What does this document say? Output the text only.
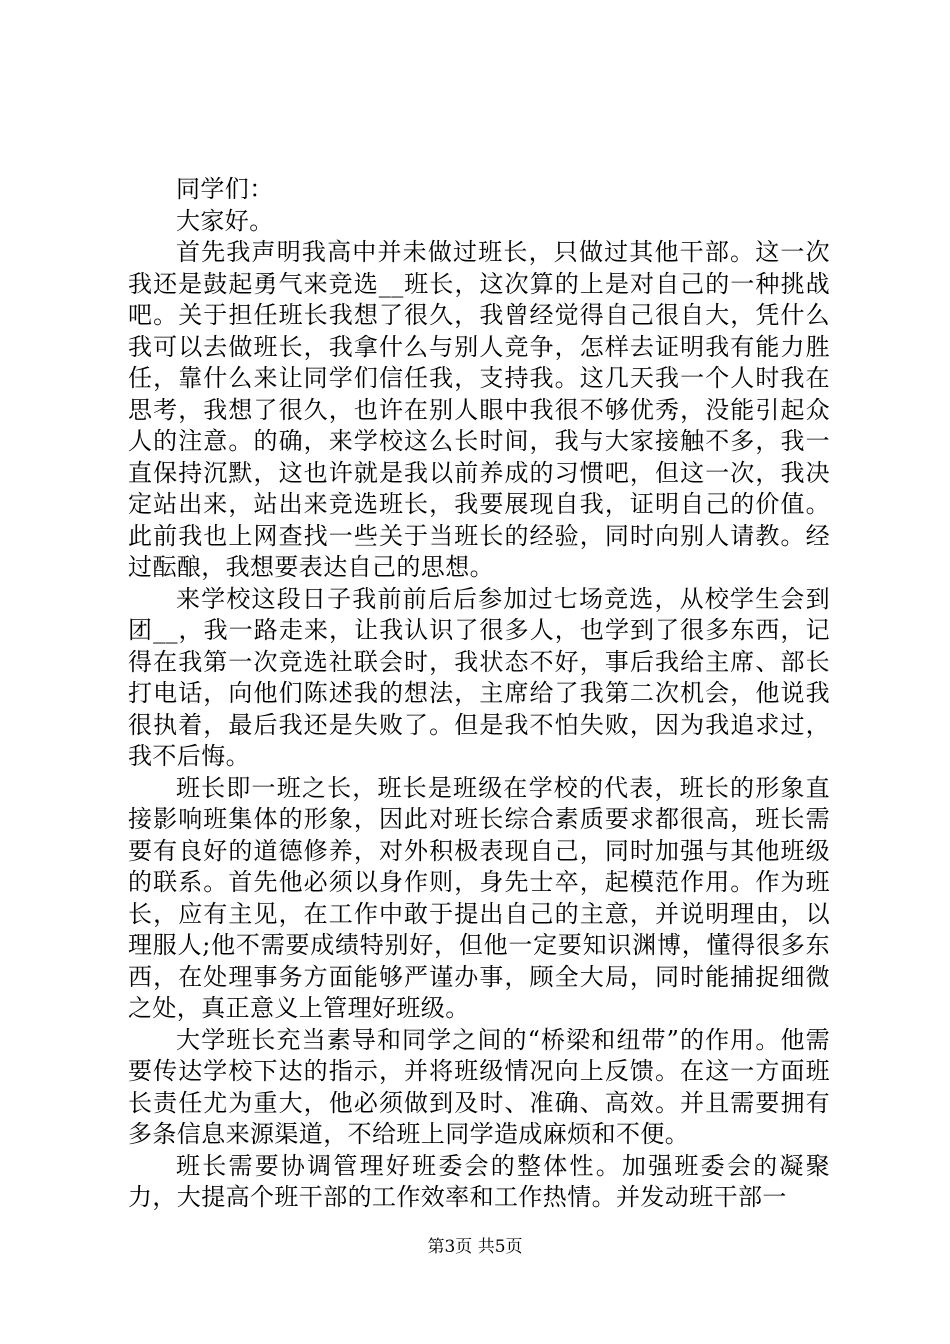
同学们：

大家好。

首先我声明我高中并未做过班长，只做过其他干部。这一次我还是鼓起勇气来竞选__班长，这次算的上是对自己的一种挑战吧。关于担任班长我想了很久，我曾经觉得自己很自大，凭什么我可以去做班长，我拿什么与别人竞争，怎样去证明我有能力胜任，靠什么来让同学们信任我，支持我。这几天我一个人时我在思考，我想了很久，也许在别人眼中我很不够优秀，没能引起众人的注意。的确，来学校这么长时间，我与大家接触不多，我一直保持沉默，这也许就是我以前养成的习惯吧，但这一次，我决定站出来，站出来竞选班长，我要展现自我，证明自己的价值。此前我也上网查找一些关于当班长的经验，同时向别人请教。经过酝酿，我想要表达自己的思想。

来学校这段日子我前前后后参加过七场竞选，从校学生会到团__，我一路走来，让我认识了很多人，也学到了很多东西，记得在我第一次竞选社联会时，我状态不好，事后我给主席、部长打电话，向他们陈述我的想法，主席给了我第二次机会，他说我很执着，最后我还是失败了。但是我不怕失败，因为我追求过，我不后悔。

班长即一班之长，班长是班级在学校的代表，班长的形象直接影响班集体的形象，因此对班长综合素质要求都很高，班长需要有良好的道德修养，对外积极表现自己，同时加强与其他班级的联系。首先他必须以身作则，身先士卒，起模范作用。作为班长，应有主见，在工作中敢于提出自己的主意，并说明理由，以理服人;他不需要成绩特别好，但他一定要知识渊博，懂得很多东西，在处理事务方面能够严谨办事，顾全大局，同时能捕捉细微之处，真正意义上管理好班级。

大学班长充当素导和同学之间的“桥梁和纽带”的作用。他需要传达学校下达的指示，并将班级情况向上反馈。在这一方面班长责任尤为重大，他必须做到及时、准确、高效。并且需要拥有多条信息来源渠道，不给班上同学造成麻烦和不便。

班长需要协调管理好班委会的整体性。加强班委会的凝聚力，大提高个班干部的工作效率和工作热情。并发动班干部一

第3页 共5页
